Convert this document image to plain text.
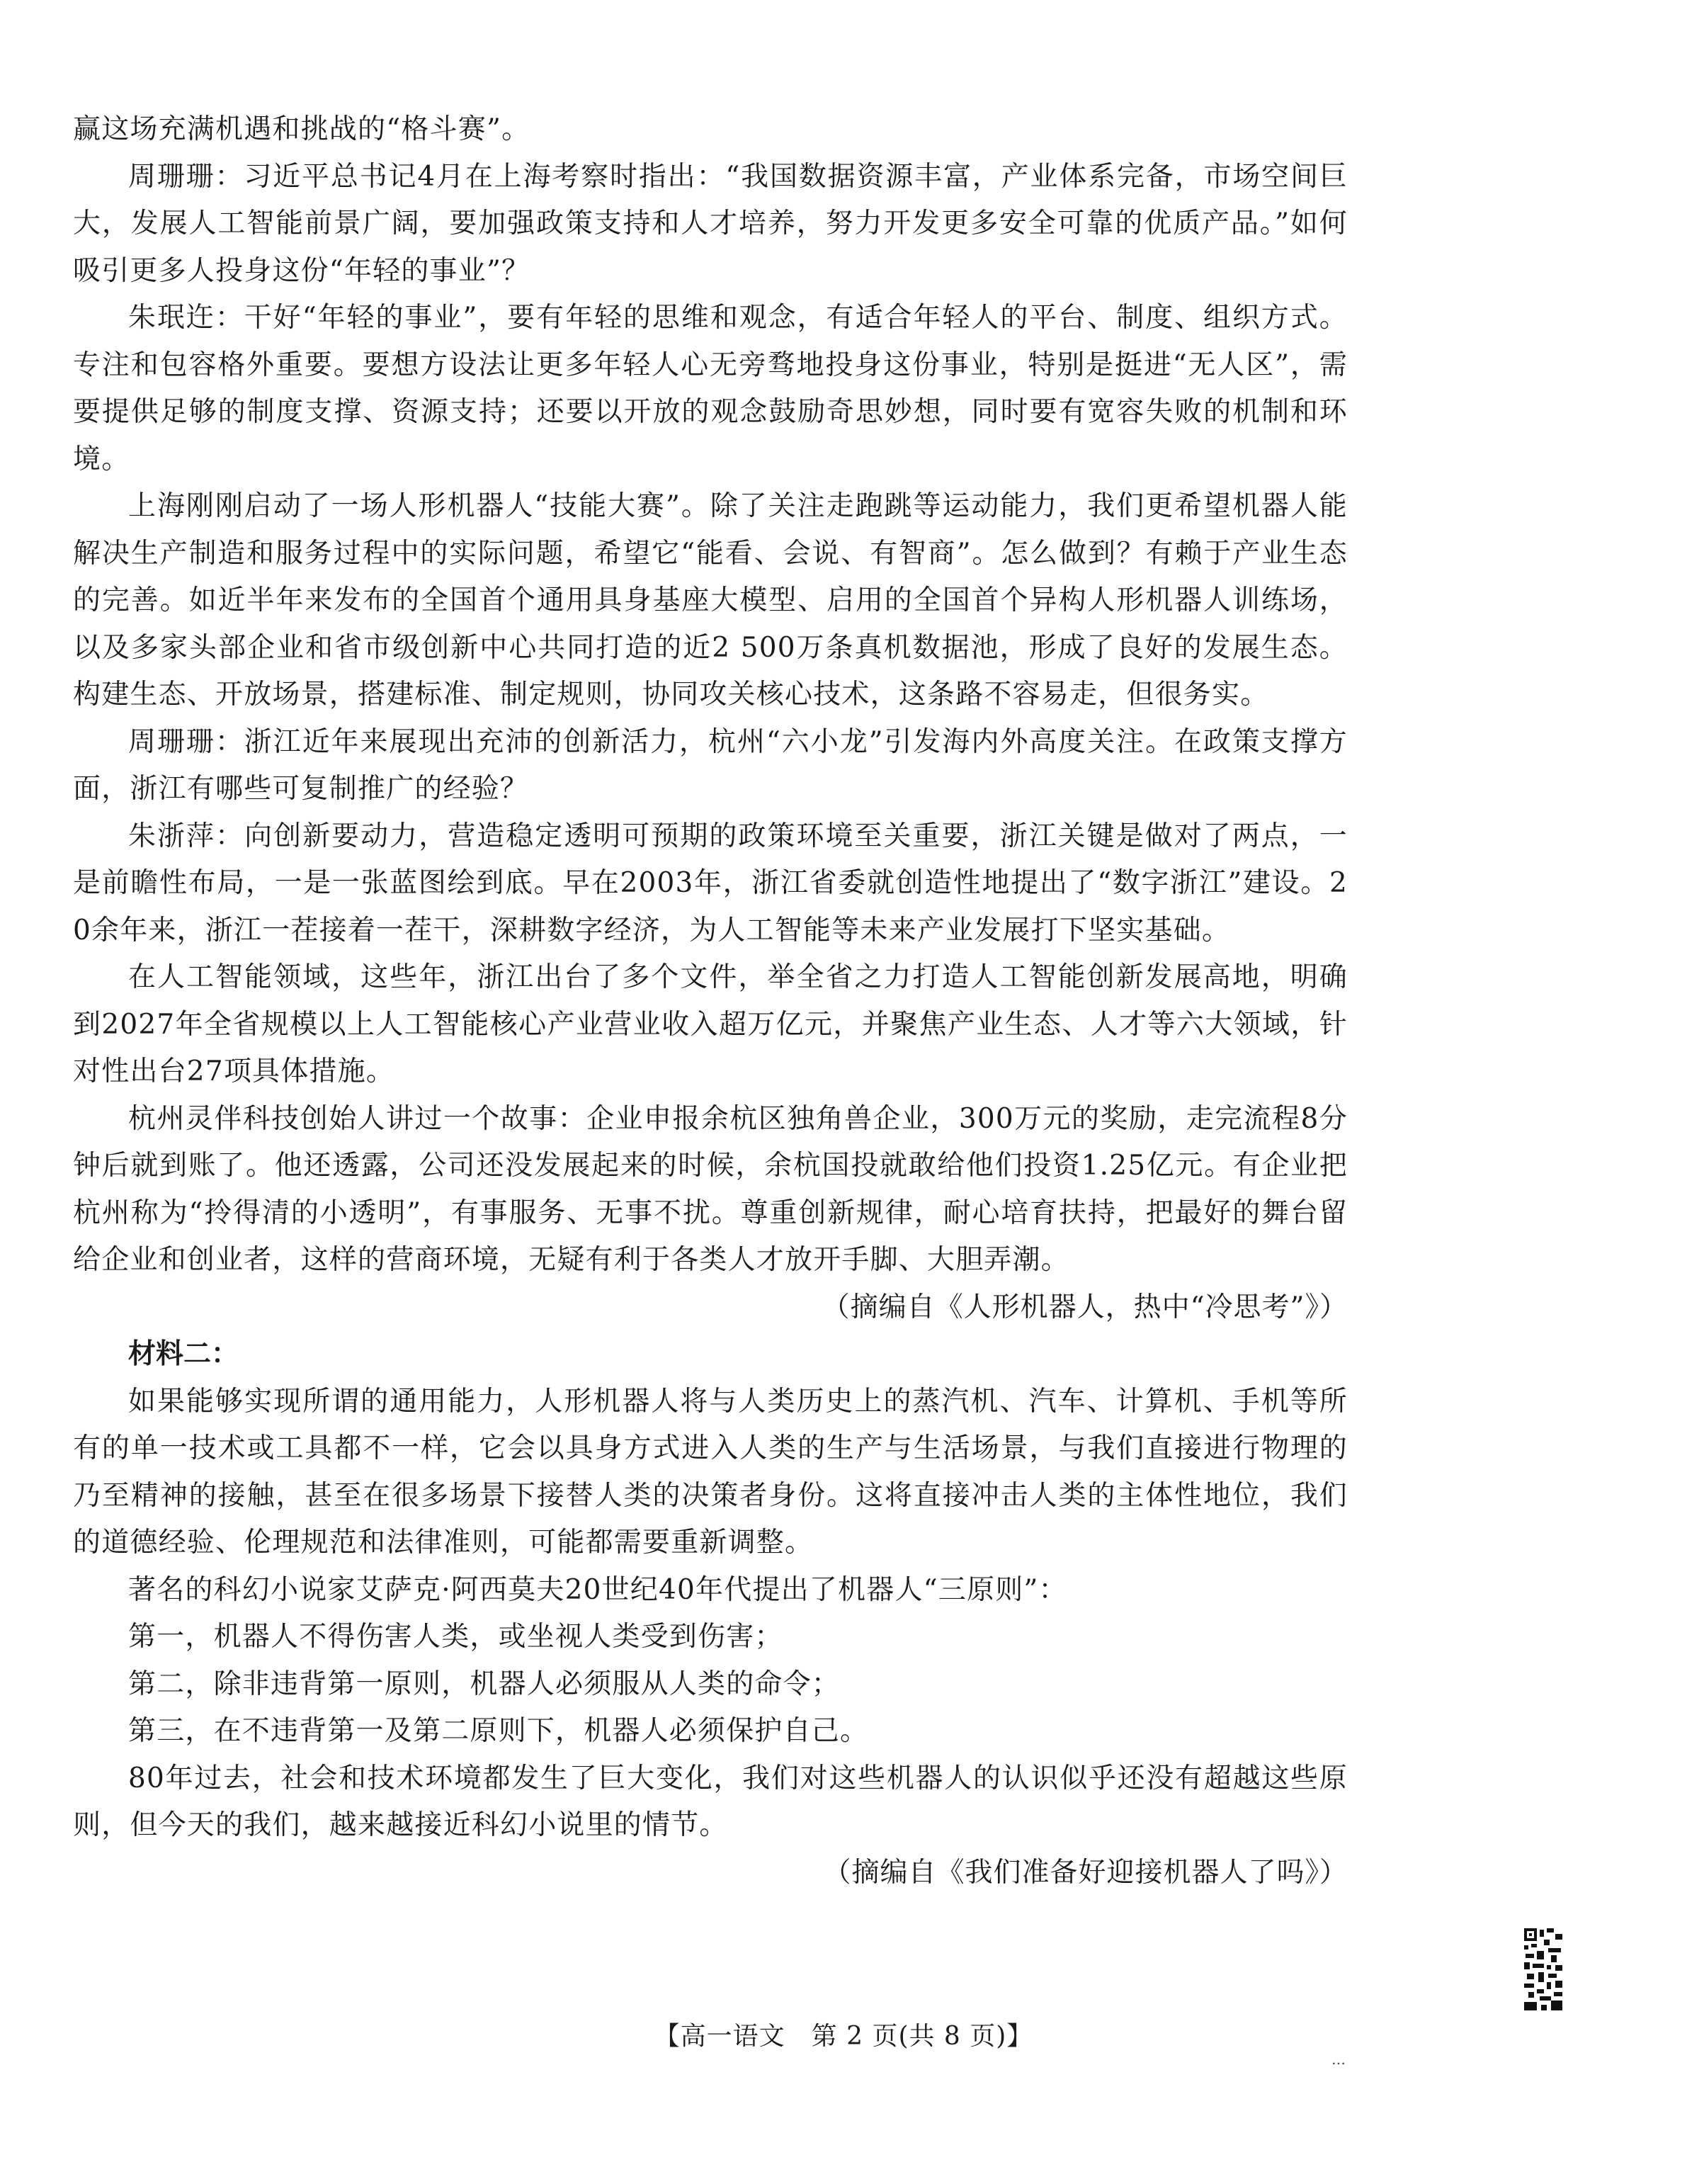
赢这场充满机遇和挑战的“格斗赛”。

周珊珊：习近平总书记4月在上海考察时指出：“我国数据资源丰富，产业体系完备，市场空间巨大，发展人工智能前景广阔，要加强政策支持和人才培养，努力开发更多安全可靠的优质产品。”如何吸引更多人投身这份“年轻的事业”？

朱珉迕：干好“年轻的事业”，要有年轻的思维和观念，有适合年轻人的平台、制度、组织方式。专注和包容格外重要。要想方设法让更多年轻人心无旁骛地投身这份事业，特别是挺进“无人区”，需要提供足够的制度支撑、资源支持；还要以开放的观念鼓励奇思妙想，同时要有宽容失败的机制和环境。

上海刚刚启动了一场人形机器人“技能大赛”。除了关注走跑跳等运动能力，我们更希望机器人能解决生产制造和服务过程中的实际问题，希望它“能看、会说、有智商”。怎么做到？有赖于产业生态的完善。如近半年来发布的全国首个通用具身基座大模型、启用的全国首个异构人形机器人训练场，以及多家头部企业和省市级创新中心共同打造的近2 500万条真机数据池，形成了良好的发展生态。构建生态、开放场景，搭建标准、制定规则，协同攻关核心技术，这条路不容易走，但很务实。

周珊珊：浙江近年来展现出充沛的创新活力，杭州“六小龙”引发海内外高度关注。在政策支撑方面，浙江有哪些可复制推广的经验？

朱浙萍：向创新要动力，营造稳定透明可预期的政策环境至关重要，浙江关键是做对了两点，一是前瞻性布局，一是一张蓝图绘到底。早在2003年，浙江省委就创造性地提出了“数字浙江”建设。20余年来，浙江一茬接着一茬干，深耕数字经济，为人工智能等未来产业发展打下坚实基础。

在人工智能领域，这些年，浙江出台了多个文件，举全省之力打造人工智能创新发展高地，明确到2027年全省规模以上人工智能核心产业营业收入超万亿元，并聚焦产业生态、人才等六大领域，针对性出台27项具体措施。

杭州灵伴科技创始人讲过一个故事：企业申报余杭区独角兽企业，300万元的奖励，走完流程8分钟后就到账了。他还透露，公司还没发展起来的时候，余杭国投就敢给他们投资1.25亿元。有企业把杭州称为“拎得清的小透明”，有事服务、无事不扰。尊重创新规律，耐心培育扶持，把最好的舞台留给企业和创业者，这样的营商环境，无疑有利于各类人才放开手脚、大胆弄潮。

（摘编自《人形机器人，热中“冷思考”》）

材料二：

如果能够实现所谓的通用能力，人形机器人将与人类历史上的蒸汽机、汽车、计算机、手机等所有的单一技术或工具都不一样，它会以具身方式进入人类的生产与生活场景，与我们直接进行物理的乃至精神的接触，甚至在很多场景下接替人类的决策者身份。这将直接冲击人类的主体性地位，我们的道德经验、伦理规范和法律准则，可能都需要重新调整。

著名的科幻小说家艾萨克·阿西莫夫20世纪40年代提出了机器人“三原则”：

第一，机器人不得伤害人类，或坐视人类受到伤害；

第二，除非违背第一原则，机器人必须服从人类的命令；

第三，在不违背第一及第二原则下，机器人必须保护自己。

80年过去，社会和技术环境都发生了巨大变化，我们对这些机器人的认识似乎还没有超越这些原则，但今天的我们，越来越接近科幻小说里的情节。

（摘编自《我们准备好迎接机器人了吗》）

【高一语文　第 2 页(共 8 页)】
…
